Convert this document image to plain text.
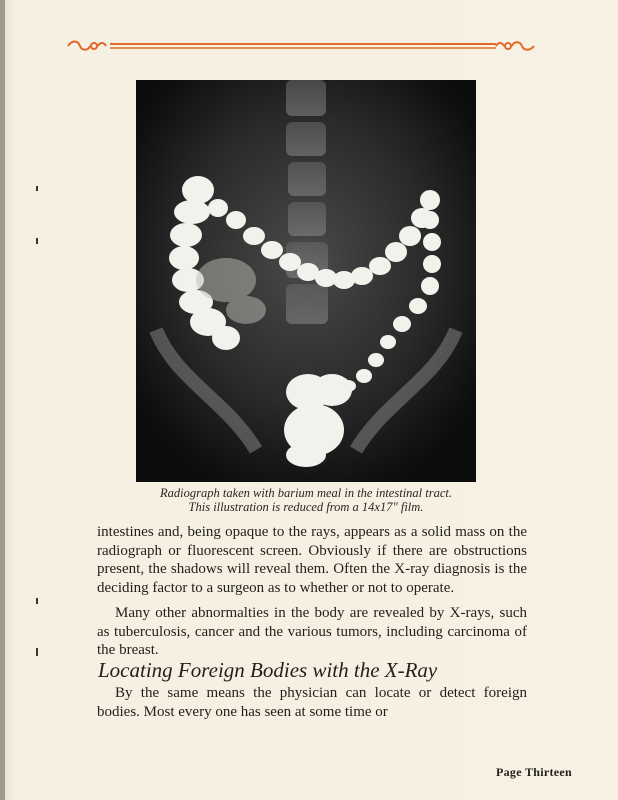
Radiograph taken with barium meal in the intestinal tract.
This illustration is reduced from a 14x17" film.

intestines and, being opaque to the rays, appears as a solid mass on the radiograph or fluorescent screen. Obviously if there are obstructions present, the shadows will reveal them. Often the X-ray diagnosis is the deciding factor to a surgeon as to whether or not to operate.

Many other abnormalties in the body are revealed by X-rays, such as tuberculosis, cancer and the various tumors, including carcinoma of the breast.

Locating Foreign Bodies with the X-Ray

By the same means the physician can locate or detect foreign bodies. Most every one has seen at some time or

Page Thirteen
